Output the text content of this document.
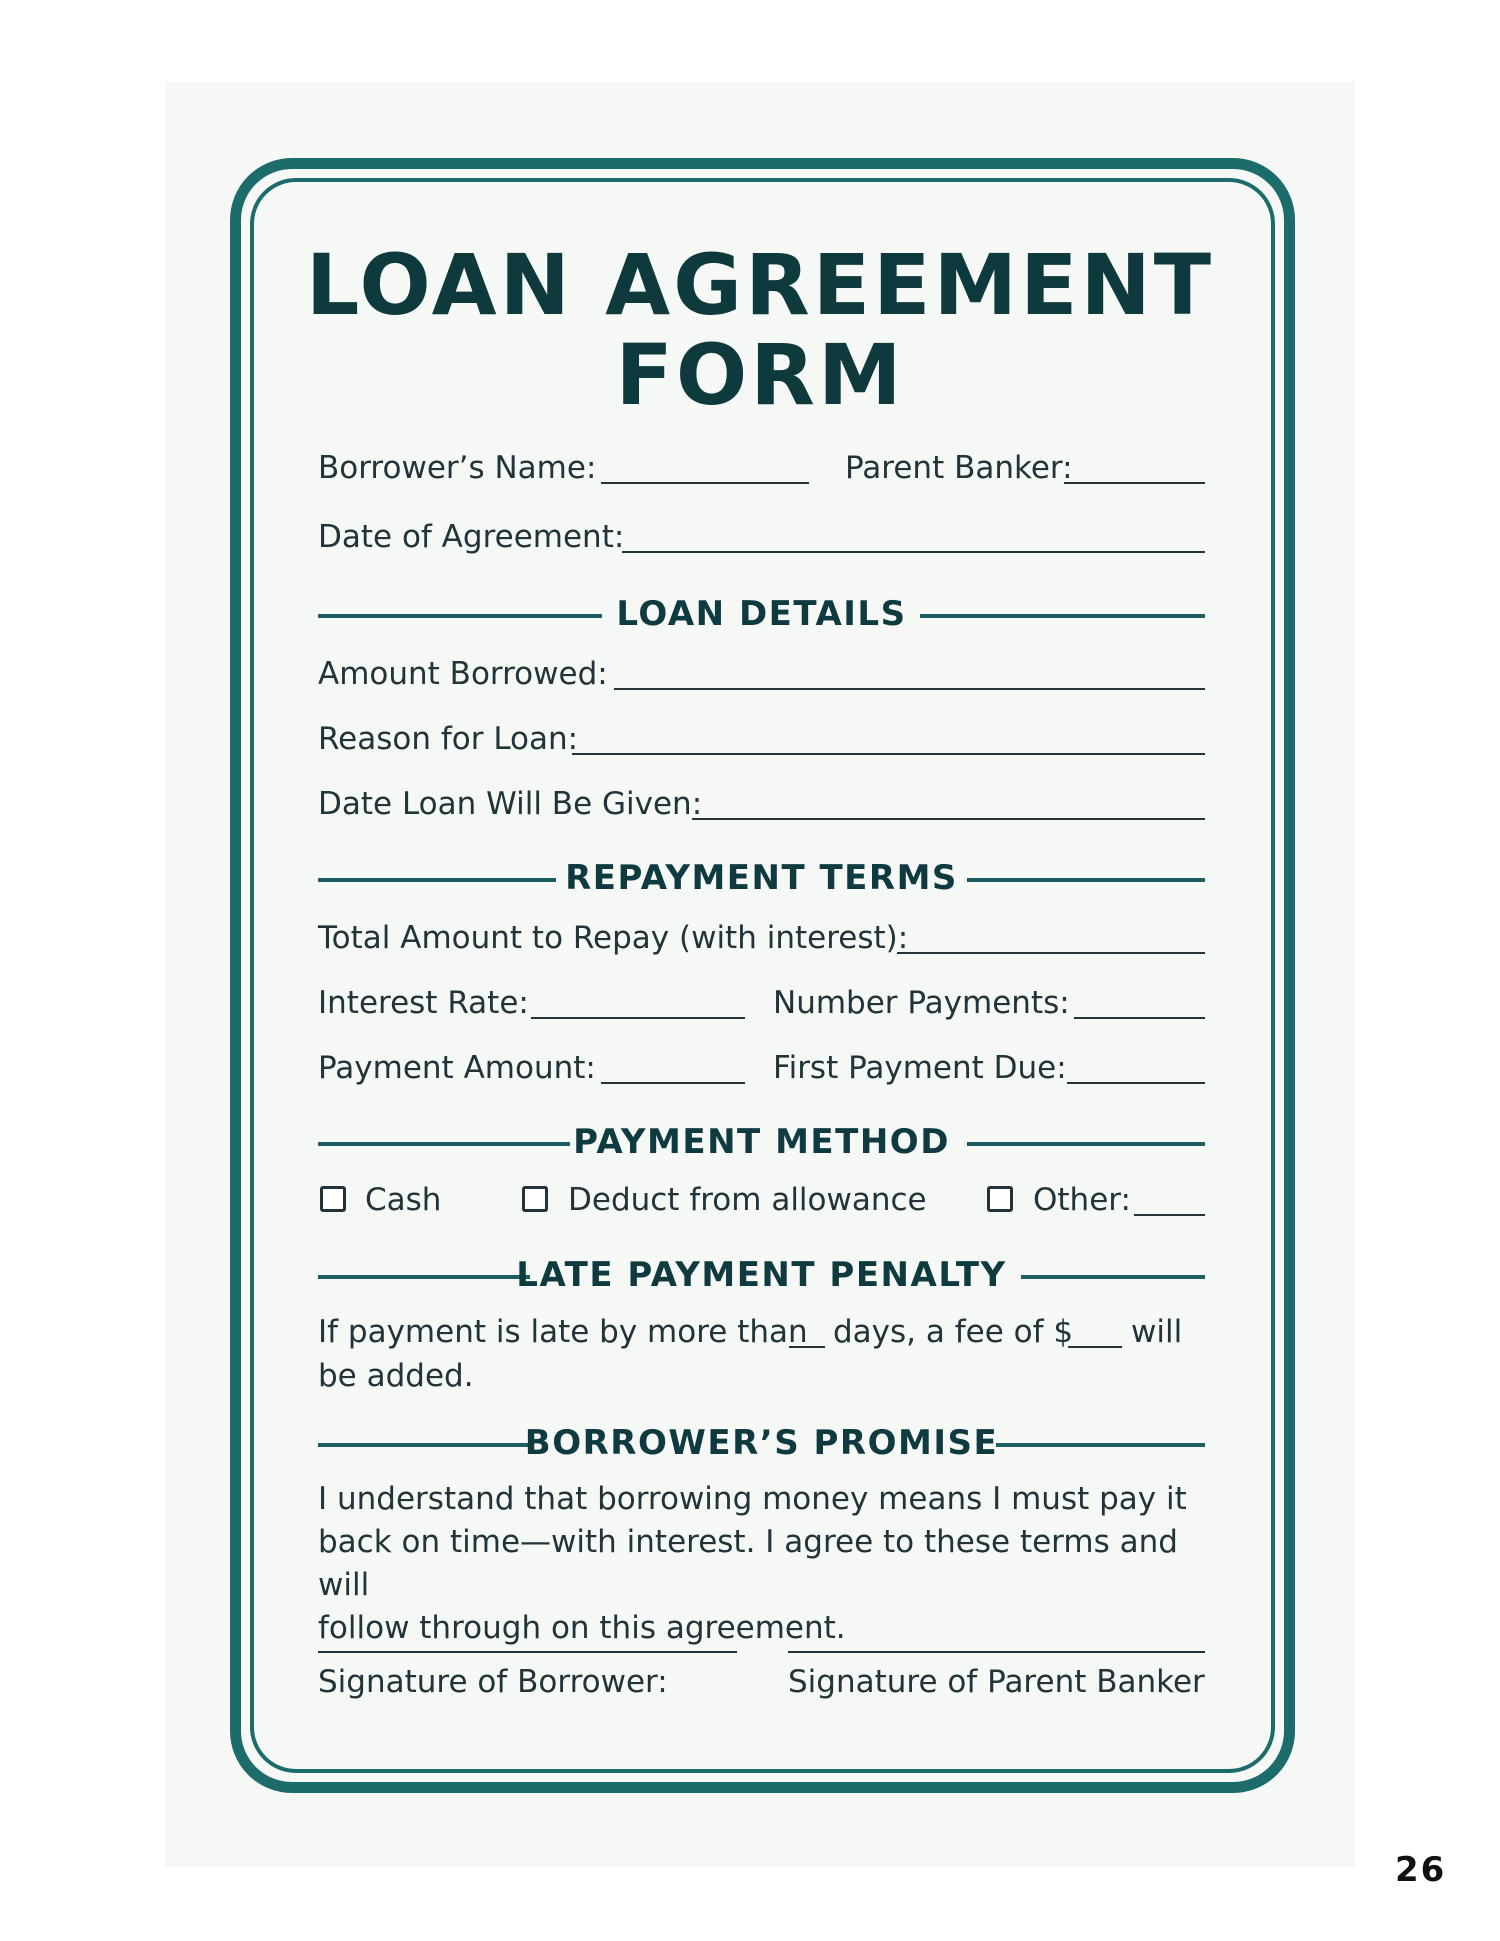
LOAN AGREEMENT
FORM
Borrower’s Name:	Parent Banker:
Date of Agreement:
LOAN DETAILS
Amount Borrowed:
Reason for Loan:
Date Loan Will Be Given:
REPAYMENT TERMS
Total Amount to Repay (with interest):
Interest Rate:	Number Payments:
Payment Amount:	First Payment Due:
PAYMENT METHOD
Cash	Deduct from allowance	Other:
LATE PAYMENT PENALTY
If payment is late by more than days, a fee of $ will
be added.
BORROWER’S PROMISE
I understand that borrowing money means I must pay it
back on time—with interest. I agree to these terms and will
follow through on this agreement.
Signature of Borrower:	Signature of Parent Banker
26
